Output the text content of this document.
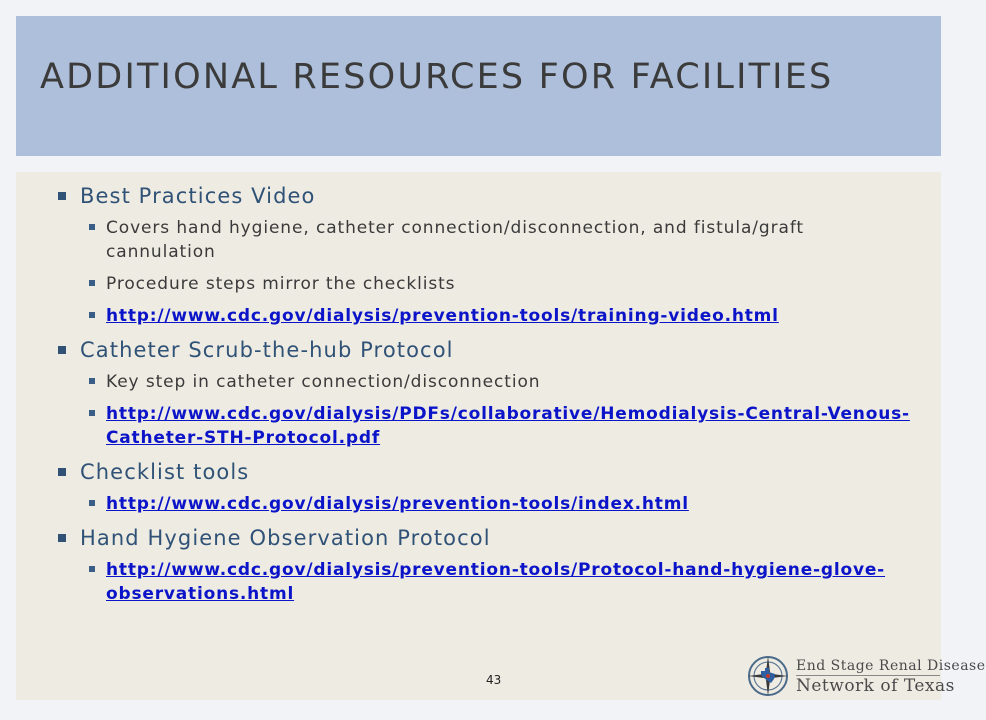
ADDITIONAL RESOURCES FOR FACILITIES
Best Practices Video
Covers hand hygiene, catheter connection/disconnection, and fistula/graft cannulation
Procedure steps mirror the checklists
http://www.cdc.gov/dialysis/prevention-tools/training-video.html
Catheter Scrub-the-hub Protocol
Key step in catheter connection/disconnection
http://www.cdc.gov/dialysis/PDFs/collaborative/Hemodialysis-Central-Venous-Catheter-STH-Protocol.pdf
Checklist tools
http://www.cdc.gov/dialysis/prevention-tools/index.html
Hand Hygiene Observation Protocol
http://www.cdc.gov/dialysis/prevention-tools/Protocol-hand-hygiene-glove-observations.html
43
End Stage Renal Disease
Network of Texas
